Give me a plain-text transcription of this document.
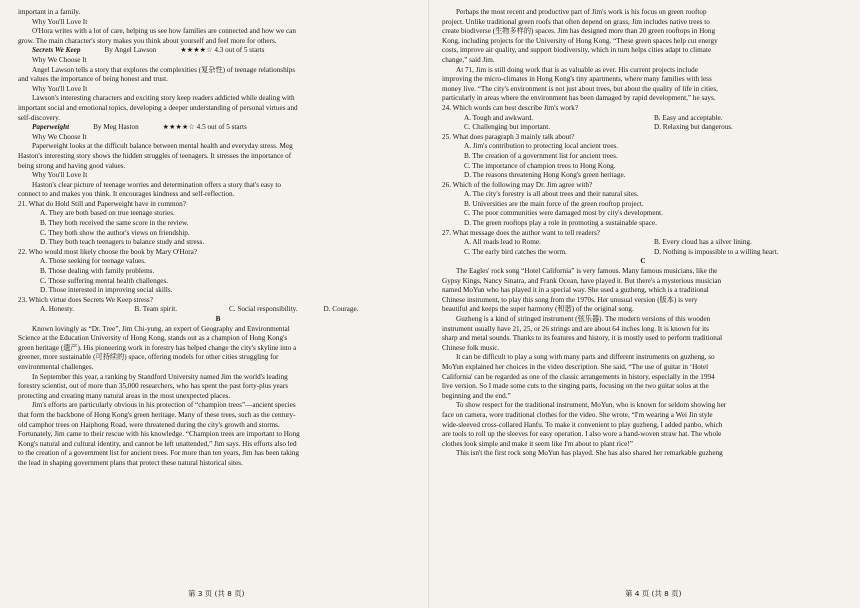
important in a family.
Why You'll Love It
O'Hora writes with a lot of care, helping us see how families are connected and how we can
grow. The main character's story makes you think about yourself and feel more for others.
Secrets We Keep	By Angel Lawson	★★★★☆ 4.3 out of 5 starts
Why We Choose It
Angel Lawson tells a story that explores the complexities (复杂性) of teenage relationships
and values the importance of being honest and trust.
Why You'll Love It
Lawson's interesting characters and exciting story keep readers addicted while dealing with
important social and emotional topics, developing a deeper understanding of personal virtues and
self-discovery.
Paperweight	By Meg Haston	★★★★☆ 4.5 out of 5 starts
Why We Choose It
Paperweight looks at the difficult balance between mental health and everyday stress. Meg
Haston's interesting story shows the hidden struggles of teenagers. It stresses the importance of
being strong and having good values.
Why You'll Love It
Haston's clear picture of teenage worries and determination offers a story that's easy to
connect to and makes you think. It encourages kindness and self-reflection.
21. What do Hold Still and Paperweight have in common?
A. They are both based on true teenage stories.
B. They both received the same score in the review.
C. They both show the author's views on friendship.
D. They both teach teenagers to balance study and stress.
22. Who would most likely choose the book by Mary O'Hora?
A. Those seeking for teenage values.
B. Those dealing with family problems.
C. Those suffering mental health challenges.
D. Those interested in improving social skills.
23. Which virtue does Secrets We Keep stress?
A. Honesty.	B. Team spirit.	C. Social responsibility.	D. Courage.
B
Known lovingly as “Dr. Tree”, Jim Chi-yung, an expert of Geography and Environmental
Science at the Education University of Hong Kong, stands out as a champion of Hong Kong's
green heritage (遗产). His pioneering work in forestry has helped change the city's skyline into a
greener, more sustainable (可持续的) space, offering models for other cities struggling for
environmental challenges.
In September this year, a ranking by Standford University named Jim the world's leading
forestry scientist, out of more than 35,000 researchers, who has spent the past forty-plus years
protecting and creating many natural areas in the most unexpected places.
Jim's efforts are particularly obvious in his protection of “champion trees”—ancient species
that form the backbone of Hong Kong's green heritage. Many of these trees, such as the century-
old camphor trees on Haiphong Road, were threatened during the city's growth and storms.
Fortunately, Jim came to their rescue with his knowledge. “Champion trees are important to Hong
Kong's natural and cultural identity, and cannot be left unattended,” Jim says. His efforts also led
to the creation of a government list for ancient trees. For more than ten years, Jim has been taking
the lead in shaping government plans that protect these natural historical sites.
Perhaps the most recent and productive part of Jim's work is his focus on green rooftop
project. Unlike traditional green roofs that often depend on grass, Jim includes native trees to
create biodiverse (生物多样的) spaces. Jim has designed more than 20 green rooftops in Hong
Kong, including projects for the University of Hong Kong. “These green spaces help cut energy
costs, improve air quality, and support biodiversity, which in turn helps cities adapt to climate
change,” said Jim.
At 71, Jim is still doing work that is as valuable as ever. His current projects include
improving the micro-climates in Hong Kong's tiny apartments, where many families with less
money live. “The city's environment is not just about trees, but about the quality of life in cities,
particularly in areas where the environment has been damaged by rapid development,” he says.
24. Which words can best describe Jim's work?
A. Tough and awkward.	B. Easy and acceptable.
C. Challenging but important.	D. Relaxing but dangerous.
25. What does paragraph 3 mainly talk about?
A. Jim's contribution to protecting local ancient trees.
B. The creation of a government list for ancient trees.
C. The importance of champion trees to Hong Kong.
D. The reasons threatening Hong Kong's green heritage.
26. Which of the following may Dr. Jim agree with?
A. The city's forestry is all about trees and their natural sites.
B. Universities are the main force of the green rooftop project.
C. The poor communities were damaged most by city's development.
D. The green rooftops play a role in promoting a sustainable space.
27. What message does the author want to tell readers?
A. All roads lead to Rome.	B. Every cloud has a silver lining.
C. The early bird catches the worm.	D. Nothing is impossible to a willing heart.
C
The Eagles' rock song “Hotel California” is very famous. Many famous musicians, like the
Gypsy Kings, Nancy Sinatra, and Frank Ocean, have played it. But there's a mysterious musician
named MoYun who has played it in a special way. She used a guzheng, which is a traditional
Chinese instrument, to play this song from the 1970s. Her unusual version (版本) is very
beautiful and keeps the super harmony (和谐) of the original song.
Guzheng is a kind of stringed instrument (弦乐器). The modern versions of this wooden
instrument usually have 21, 25, or 26 strings and are about 64 inches long. It is known for its
sharp and metal sounds. Thanks to its features and history, it is mostly used to perform traditional
Chinese folk music.
It can be difficult to play a song with many parts and different instruments on guzheng, so
MoYun explained her choices in the video description. She said, “The use of guitar in ‘Hotel
California' can be regarded as one of the classic arrangements in history, especially in the 1994
live version. So I made some cuts to the singing parts, focusing on the two guitar solos at the
beginning and the end.”
To show respect for the traditional instrument, MoYun, who is known for seldom showing her
face on camera, wore traditional clothes for the video. She wrote, “I'm wearing a Wei Jin style
wide-sleeved cross-collared Hanfu. To make it convenient to play guzheng, I added panbo, which
are tools to roll up the sleeves for easy operation. I also wore a hand-woven straw hat. The whole
clothes look simple and make it seem like I'm about to plant rice!”
This isn't the first rock song MoYun has played. She has also shared her remarkable guzheng
第 3 页 (共 8 页)	第 4 页 (共 8 页)
